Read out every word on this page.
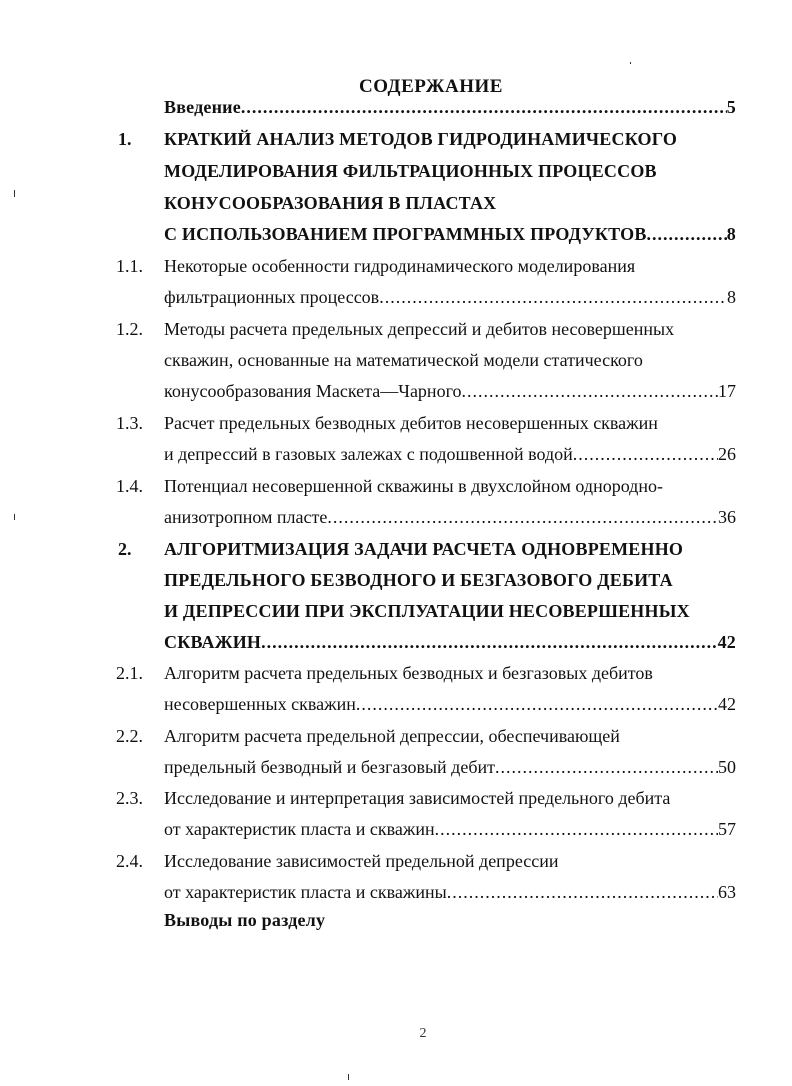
СОДЕРЖАНИЕ
Введение .....	5
1. КРАТКИЙ АНАЛИЗ МЕТОДОВ ГИДРОДИНАМИЧЕСКОГО
МОДЕЛИРОВАНИЯ ФИЛЬТРАЦИОННЫХ ПРОЦЕССОВ
КОНУСООБРАЗОВАНИЯ В ПЛАСТАХ
С ИСПОЛЬЗОВАНИЕМ ПРОГРАММНЫХ ПРОДУКТОВ .....	8
1.1. Некоторые особенности гидродинамического моделирования
фильтрационных процессов .....	8
1.2. Методы расчета предельных депрессий и дебитов несовершенных
скважин, основанные на математической модели статического
конусообразования Маскета—Чарного .....	17
1.3. Расчет предельных безводных дебитов несовершенных скважин
и депрессий в газовых залежах с подошвенной водой .....	26
1.4. Потенциал несовершенной скважины в двухслойном однородно-
анизотропном пласте .....	36
2. АЛГОРИТМИЗАЦИЯ ЗАДАЧИ РАСЧЕТА ОДНОВРЕМЕННО
ПРЕДЕЛЬНОГО БЕЗВОДНОГО И БЕЗГАЗОВОГО ДЕБИТА
И ДЕПРЕССИИ ПРИ ЭКСПЛУАТАЦИИ НЕСОВЕРШЕННЫХ
СКВАЖИН .....	42
2.1. Алгоритм расчета предельных безводных и безгазовых дебитов
несовершенных скважин .....	42
2.2. Алгоритм расчета предельной депрессии, обеспечивающей
предельный безводный и безгазовый дебит .....	50
2.3. Исследование и интерпретация зависимостей предельного дебита
от характеристик пласта и скважин .....	57
2.4. Исследование зависимостей предельной депрессии
от характеристик пласта и скважины .....	63
Выводы по разделу
2
